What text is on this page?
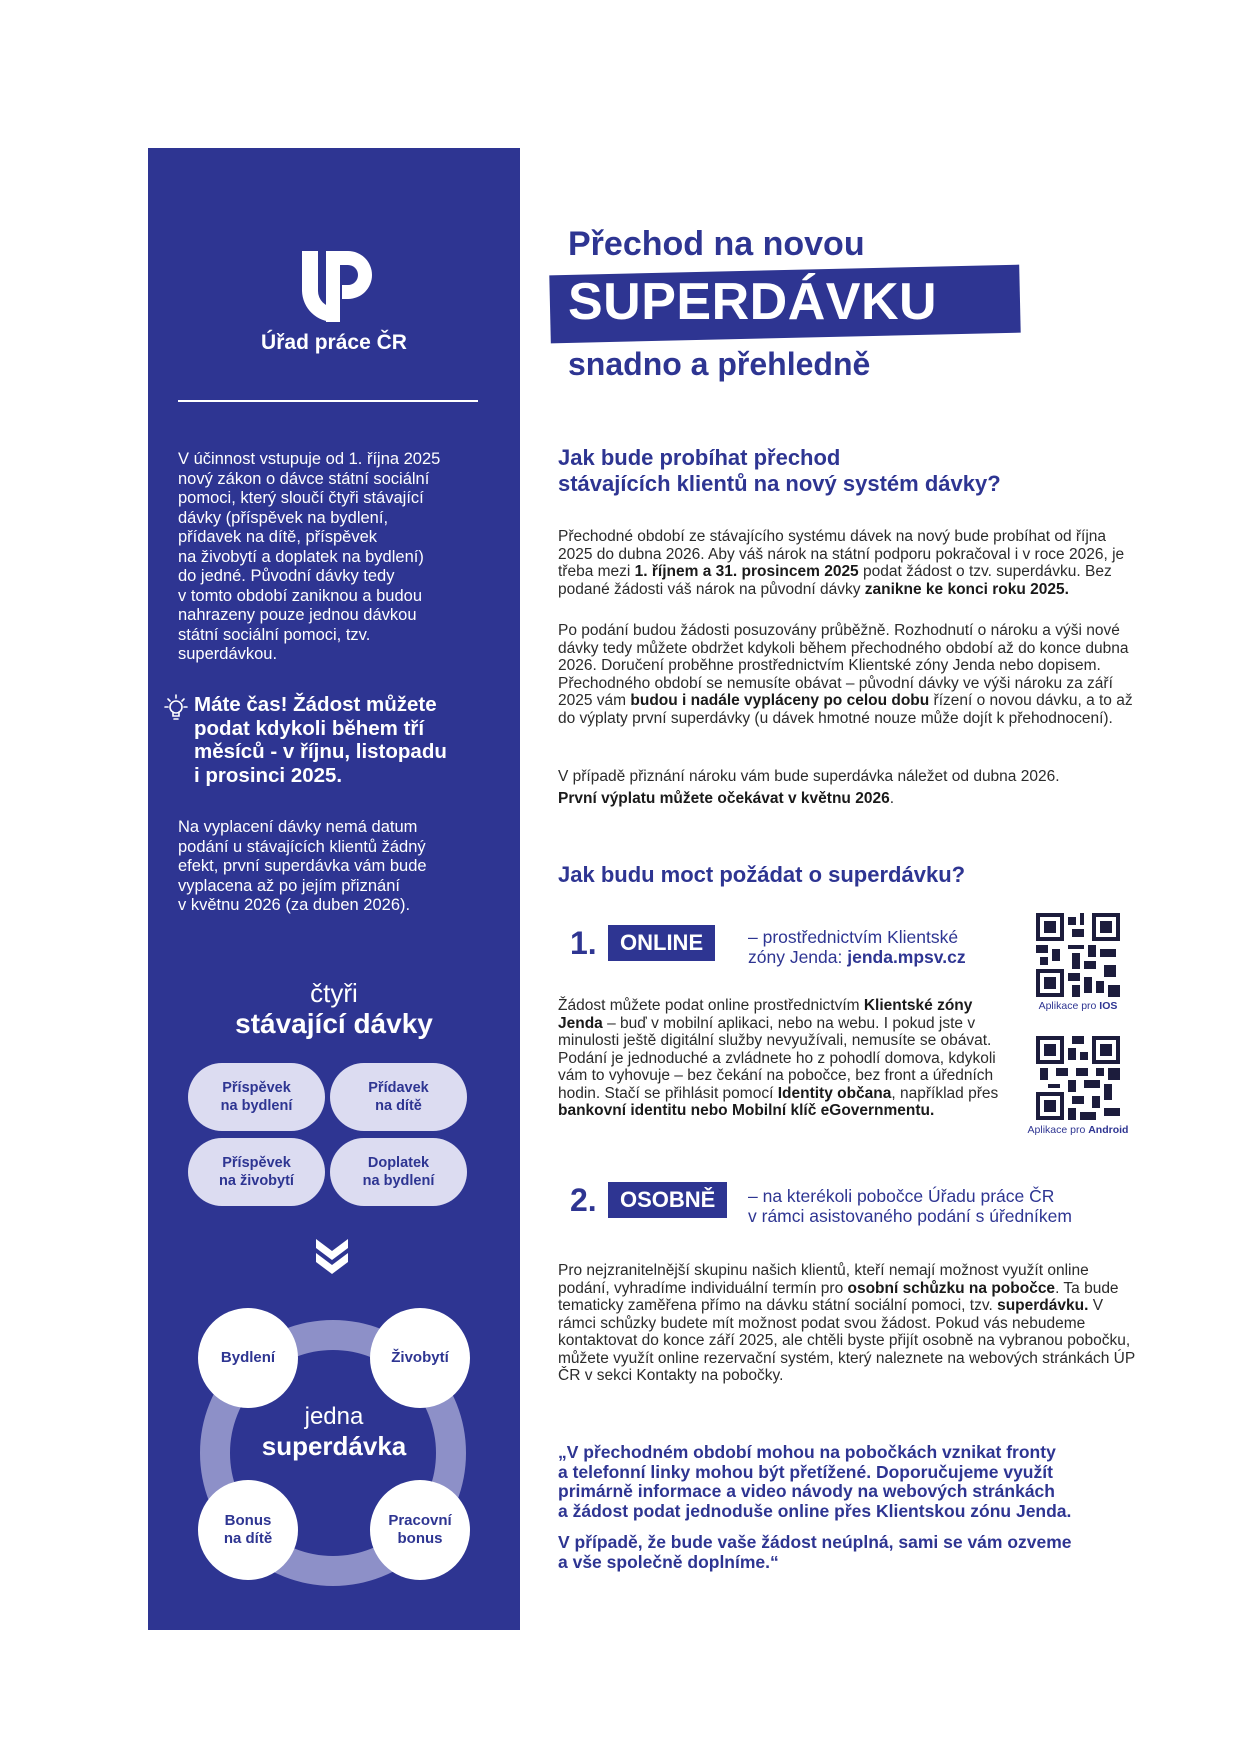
Úřad práce ČR
V účinnost vstupuje od 1. října 2025
nový zákon o dávce státní sociální
pomoci, který sloučí čtyři stávající
dávky (příspěvek na bydlení,
přídavek na dítě, příspěvek
na živobytí a doplatek na bydlení)
do jedné. Původní dávky tedy
v tomto období zaniknou a budou
nahrazeny pouze jednou dávkou
státní sociální pomoci, tzv.
superdávkou.
Máte čas! Žádost můžete
podat kdykoli během tří
měsíců - v říjnu, listopadu
i prosinci 2025.
Na vyplacení dávky nemá datum
podání u stávajících klientů žádný
efekt, první superdávka vám bude
vyplacena až po jejím přiznání
v květnu 2026 (za duben 2026).
čtyři
stávající dávky
Příspěvek
na bydlení
Přídavek
na dítě
Příspěvek
na živobytí
Doplatek
na bydlení
Bydlení	Živobytí
Bonus
na dítě
Pracovní
bonus
jedna
superdávka
Přechod na novou
SUPERDÁVKU
snadno a přehledně
Jak bude probíhat přechod
stávajících klientů na nový systém dávky?
Přechodné období ze stávajícího systému dávek na nový bude probíhat od října 2025 do dubna 2026. Aby váš nárok na státní podporu pokračoval i v roce 2026, je třeba mezi 1. říjnem a 31. prosincem 2025 podat žádost o tzv. superdávku. Bez podané žádosti váš nárok na původní dávky zanikne ke konci roku 2025.
Po podání budou žádosti posuzovány průběžně. Rozhodnutí o nároku a výši nové dávky tedy můžete obdržet kdykoli během přechodného období až do konce dubna 2026. Doručení proběhne prostřednictvím Klientské zóny Jenda nebo dopisem. Přechodného období se nemusíte obávat – původní dávky ve výši nároku za září 2025 vám budou i nadále vypláceny po celou dobu řízení o novou dávku, a to až do výplaty první superdávky (u dávek hmotné nouze může dojít k přehodnocení).
V případě přiznání nároku vám bude superdávka náležet od dubna 2026.
První výplatu můžete očekávat v květnu 2026.
Jak budu moct požádat o superdávku?
1.	ONLINE	– prostřednictvím Klientské
zóny Jenda: jenda.mpsv.cz
Aplikace pro IOS
Aplikace pro Android
Žádost můžete podat online prostřednictvím Klientské zóny Jenda – buď v mobilní aplikaci, nebo na webu. I pokud jste v minulosti ještě digitální služby nevyužívali, nemusíte se obávat. Podání je jednoduché a zvládnete ho z pohodlí domova, kdykoli vám to vyhovuje – bez čekání na pobočce, bez front a úředních hodin. Stačí se přihlásit pomocí Identity občana, například přes bankovní identitu nebo Mobilní klíč eGovernmentu.
2.	OSOBNĚ	– na kterékoli pobočce Úřadu práce ČR
v rámci asistovaného podání s úředníkem
Pro nejzranitelnější skupinu našich klientů, kteří nemají možnost využít online podání, vyhradíme individuální termín pro osobní schůzku na pobočce. Ta bude tematicky zaměřena přímo na dávku státní sociální pomoci, tzv. superdávku. V rámci schůzky budete mít možnost podat svou žádost. Pokud vás nebudeme kontaktovat do konce září 2025, ale chtěli byste přijít osobně na vybranou pobočku, můžete využít online rezervační systém, který naleznete na webových stránkách ÚP ČR v sekci Kontakty na pobočky.
„V přechodném období mohou na pobočkách vznikat fronty
a telefonní linky mohou být přetížené. Doporučujeme využít
primárně informace a video návody na webových stránkách
a žádost podat jednoduše online přes Klientskou zónu Jenda.
V případě, že bude vaše žádost neúplná, sami se vám ozveme
a vše společně doplníme.“
